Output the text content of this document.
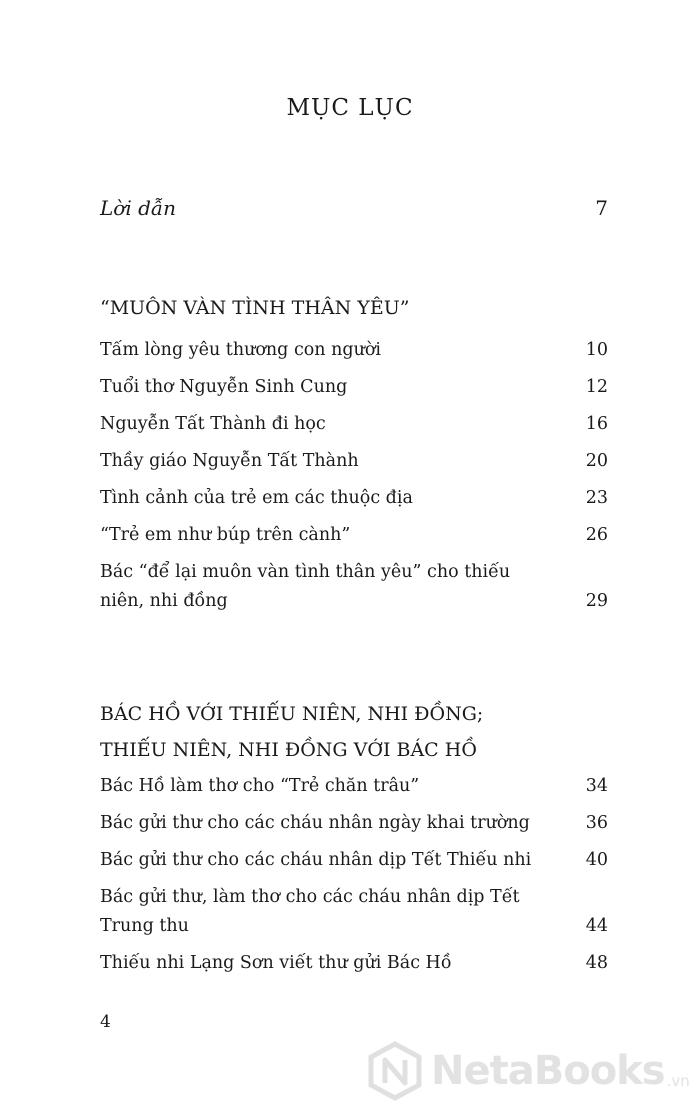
MỤC LỤC
Lời dẫn	7
“MUÔN VÀN TÌNH THÂN YÊU”
Tấm lòng yêu thương con người	10
Tuổi thơ Nguyễn Sinh Cung	12
Nguyễn Tất Thành đi học	16
Thầy giáo Nguyễn Tất Thành	20
Tình cảnh của trẻ em các thuộc địa	23
“Trẻ em như búp trên cành”	26
Bác “để lại muôn vàn tình thân yêu” cho thiếu niên, nhi đồng	29
BÁC HỒ VỚI THIẾU NIÊN, NHI ĐỒNG; THIẾU NIÊN, NHI ĐỒNG VỚI BÁC HỒ
Bác Hồ làm thơ cho “Trẻ chăn trâu”	34
Bác gửi thư cho các cháu nhân ngày khai trường	36
Bác gửi thư cho các cháu nhân dịp Tết Thiếu nhi	40
Bác gửi thư, làm thơ cho các cháu nhân dịp Tết Trung thu	44
Thiếu nhi Lạng Sơn viết thư gửi Bác Hồ	48
4
NetaBooks .vn
